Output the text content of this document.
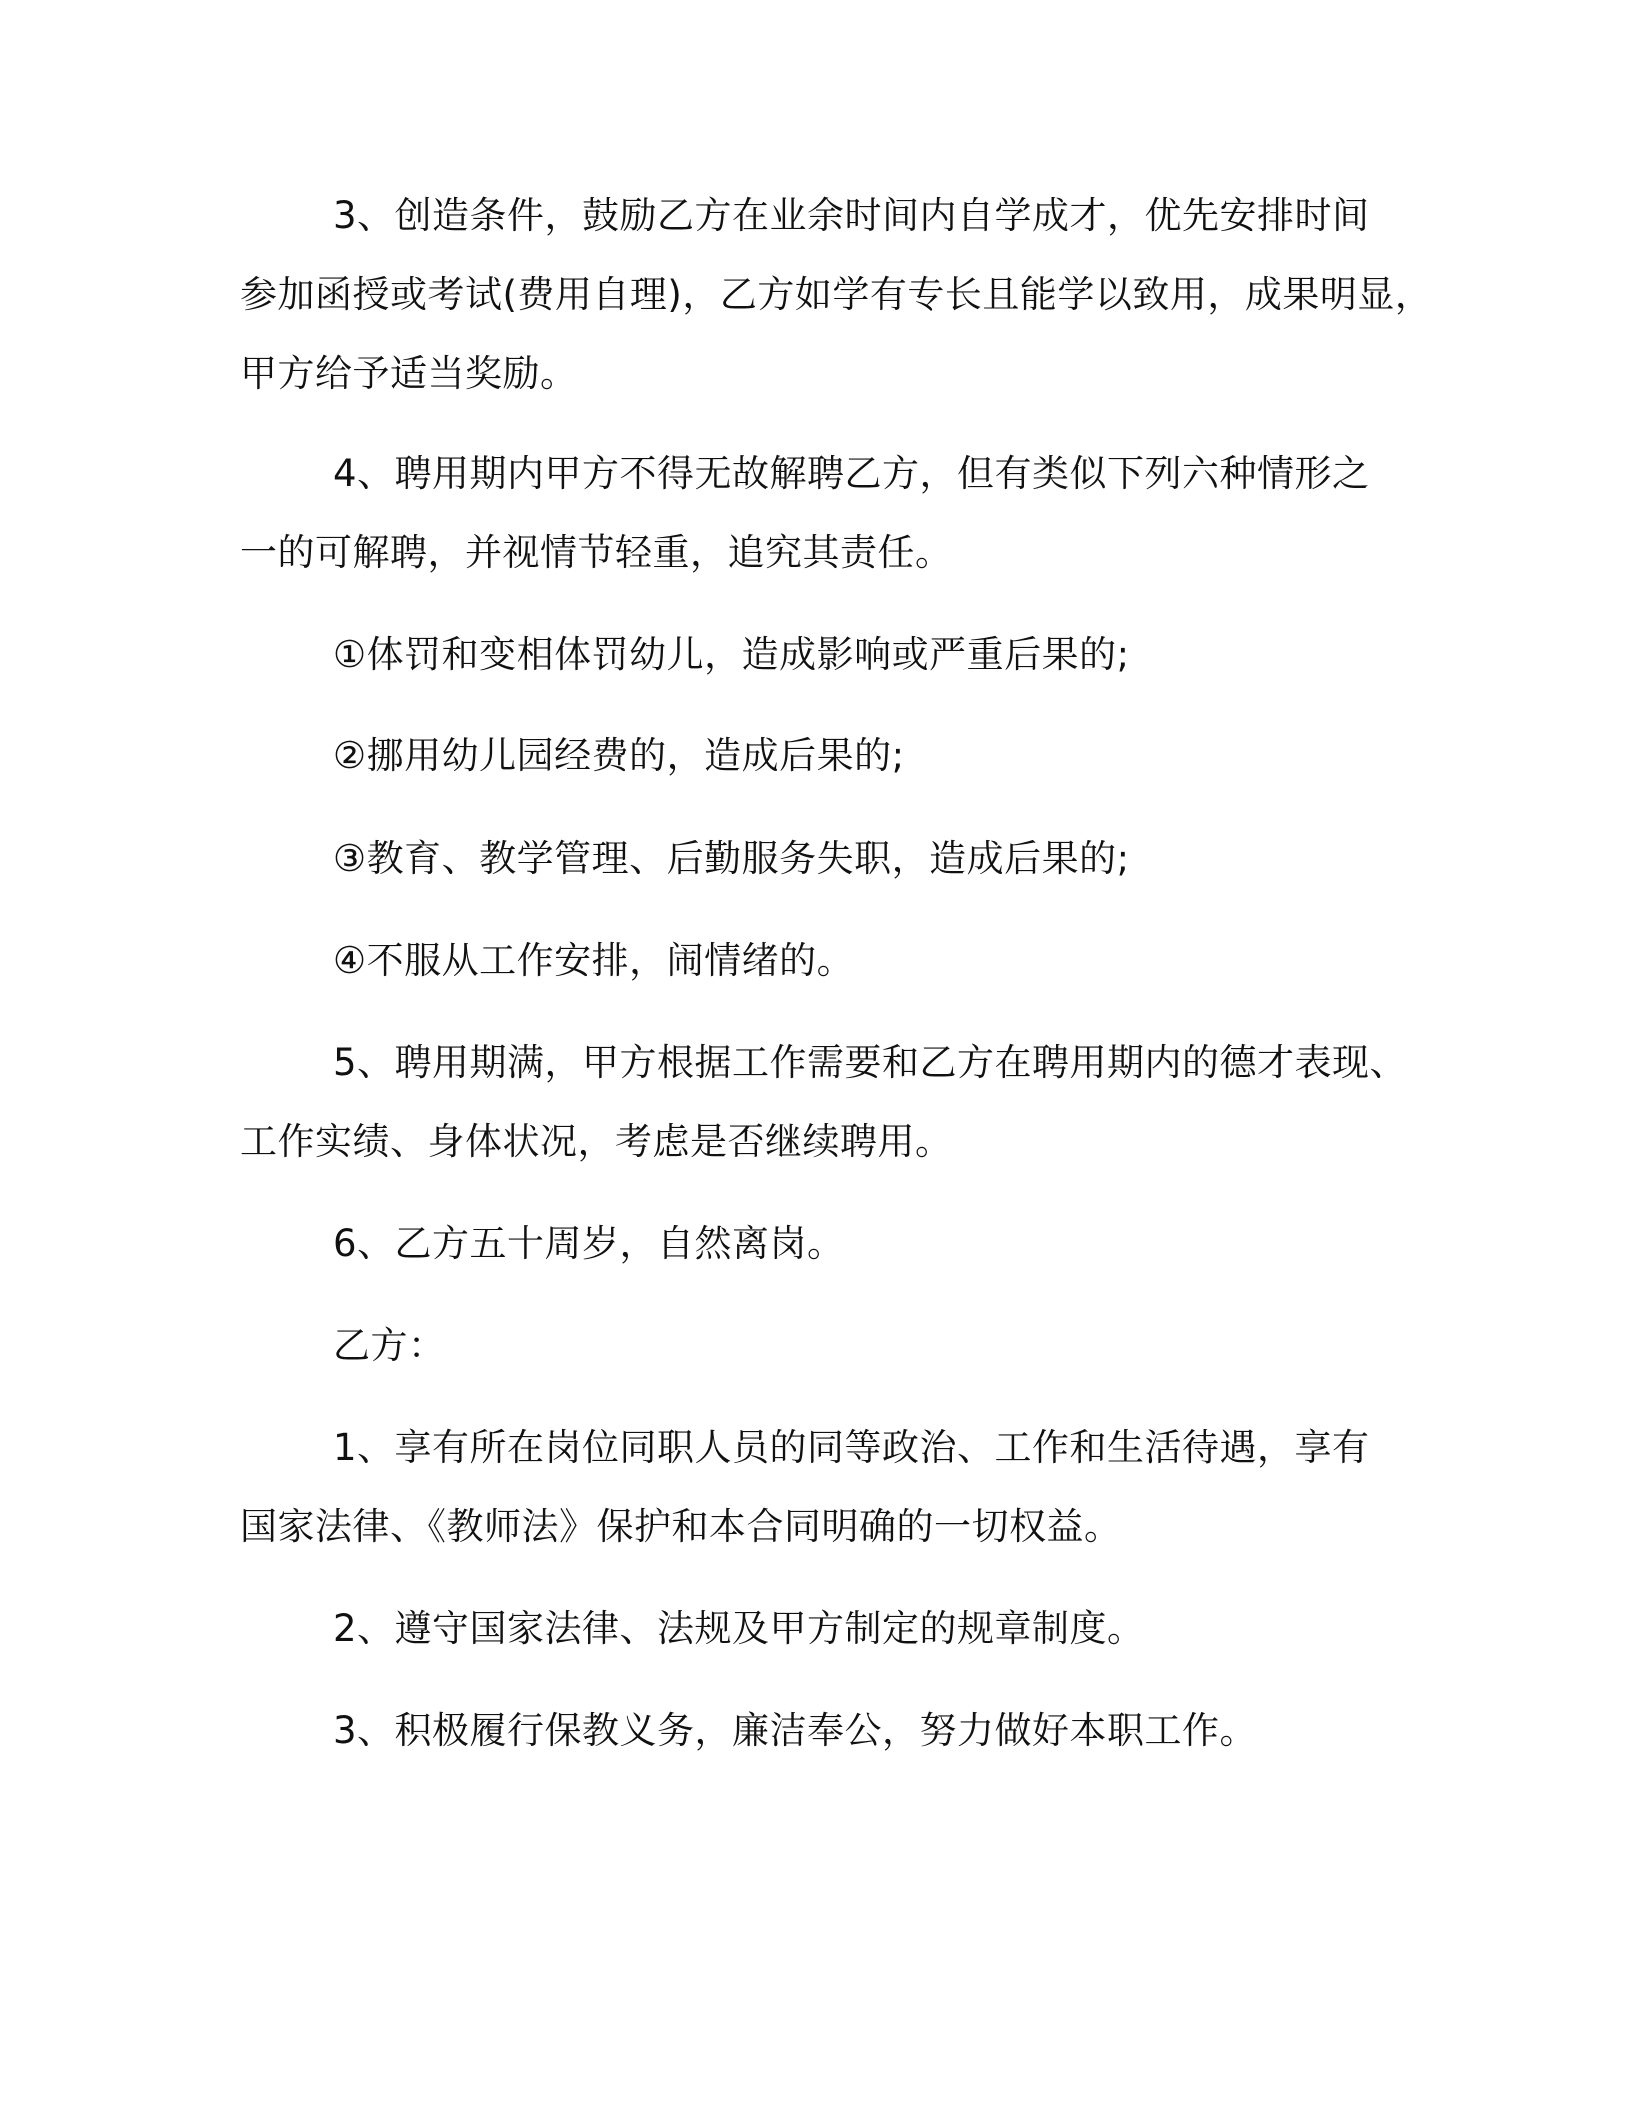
3、创造条件，鼓励乙方在业余时间内自学成才，优先安排时间
参加函授或考试(费用自理)，乙方如学有专长且能学以致用，成果明显，
甲方给予适当奖励。
4、聘用期内甲方不得无故解聘乙方，但有类似下列六种情形之
一的可解聘，并视情节轻重，追究其责任。
①体罚和变相体罚幼儿，造成影响或严重后果的;
②挪用幼儿园经费的，造成后果的;
③教育、教学管理、后勤服务失职，造成后果的;
④不服从工作安排，闹情绪的。
5、聘用期满，甲方根据工作需要和乙方在聘用期内的德才表现、
工作实绩、身体状况，考虑是否继续聘用。
6、乙方五十周岁，自然离岗。
乙方：
1、享有所在岗位同职人员的同等政治、工作和生活待遇，享有
国家法律、《教师法》保护和本合同明确的一切权益。
2、遵守国家法律、法规及甲方制定的规章制度。
3、积极履行保教义务，廉洁奉公，努力做好本职工作。
